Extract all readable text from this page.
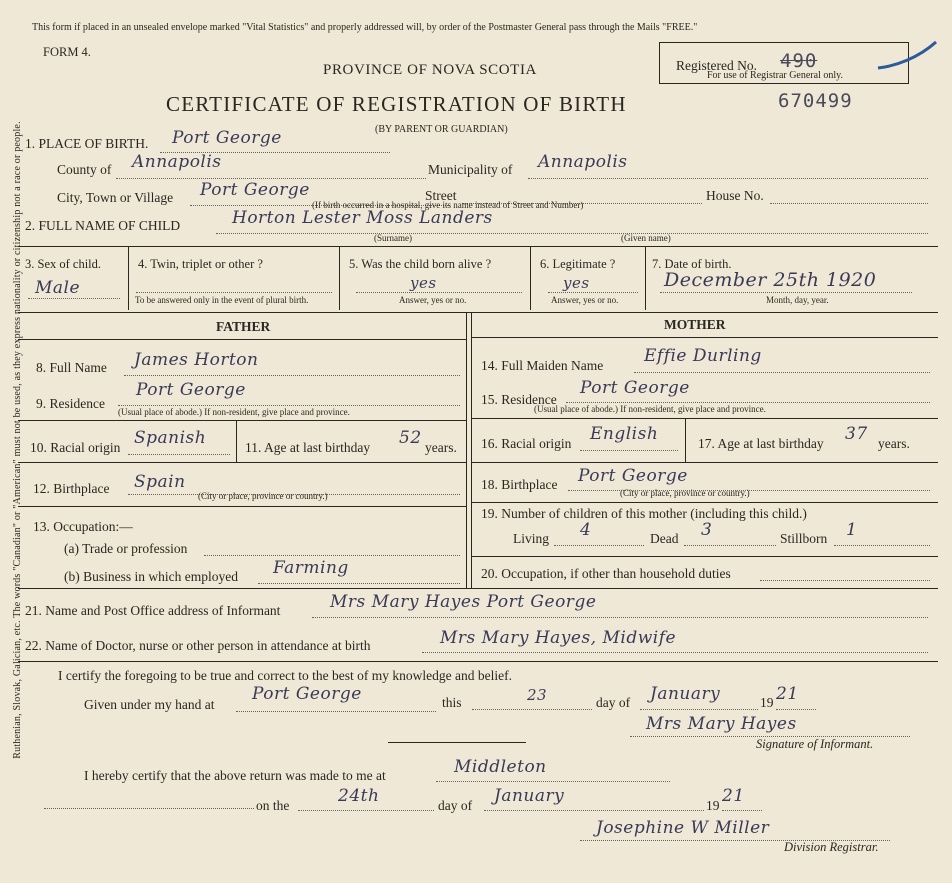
Ruthenian, Slovak, Galician, etc. The words "Canadian" or "American" must not be used, as they express nationality or citizenship not a race or people.
This form if placed in an unsealed envelope marked "Vital Statistics" and properly addressed will, by order of the Postmaster General pass through the Mails "FREE."
FORM 4.
PROVINCE OF NOVA SCOTIA
CERTIFICATE OF REGISTRATION OF BIRTH
(BY PARENT OR GUARDIAN)
Registered No. 490
For use of Registrar General only.
670499
1. PLACE OF BIRTH. Port George
County of Annapolis	Municipality of Annapolis
City, Town or Village Port George	Street	House No.
(If birth occurred in a hospital, give its name instead of Street and Number)
2. FULL NAME OF CHILD	Horton Lester Moss Landers
(Surname)	(Given name)
3. Sex of child.
Male
4. Twin, triplet or other ?
To be answered only in the event of plural birth.
5. Was the child born alive ?
yes
Answer, yes or no.
6. Legitimate ?
yes
Answer, yes or no.
7. Date of birth.
December 25th 1920
Month, day, year.
FATHER
8. Full Name James Horton
9. Residence
Port George
(Usual place of abode.) If non-resident, give place and province.
10. Racial origin Spanish	11. Age at last birthday 52 years.
12. Birthplace Spain
(City or place, province or country.)
13. Occupation:—
(a) Trade or profession
(b) Business in which employed Farming
MOTHER
14. Full Maiden Name Effie Durling
15. Residence
Port George
(Usual place of abode.) If non-resident, give place and province.
16. Racial origin English	17. Age at last birthday 37 years.
18. Birthplace Port George
(City or place, province or country.)
19. Number of children of this mother (including this child.)
Living 4	Dead 3	Stillborn 1
20. Occupation, if other than household duties
21. Name and Post Office address of Informant	Mrs Mary Hayes Port George
22. Name of Doctor, nurse or other person in attendance at birth	Mrs Mary Hayes, Midwife
I certify the foregoing to be true and correct to the best of my knowledge and belief.
Given under my hand at
Port George	this	23	day of January	19 21
Mrs Mary Hayes
Signature of Informant.
I hereby certify that the above return was made to me at	Middleton
on the	24th	day of January	19 21
Josephine W Miller
Division Registrar.
